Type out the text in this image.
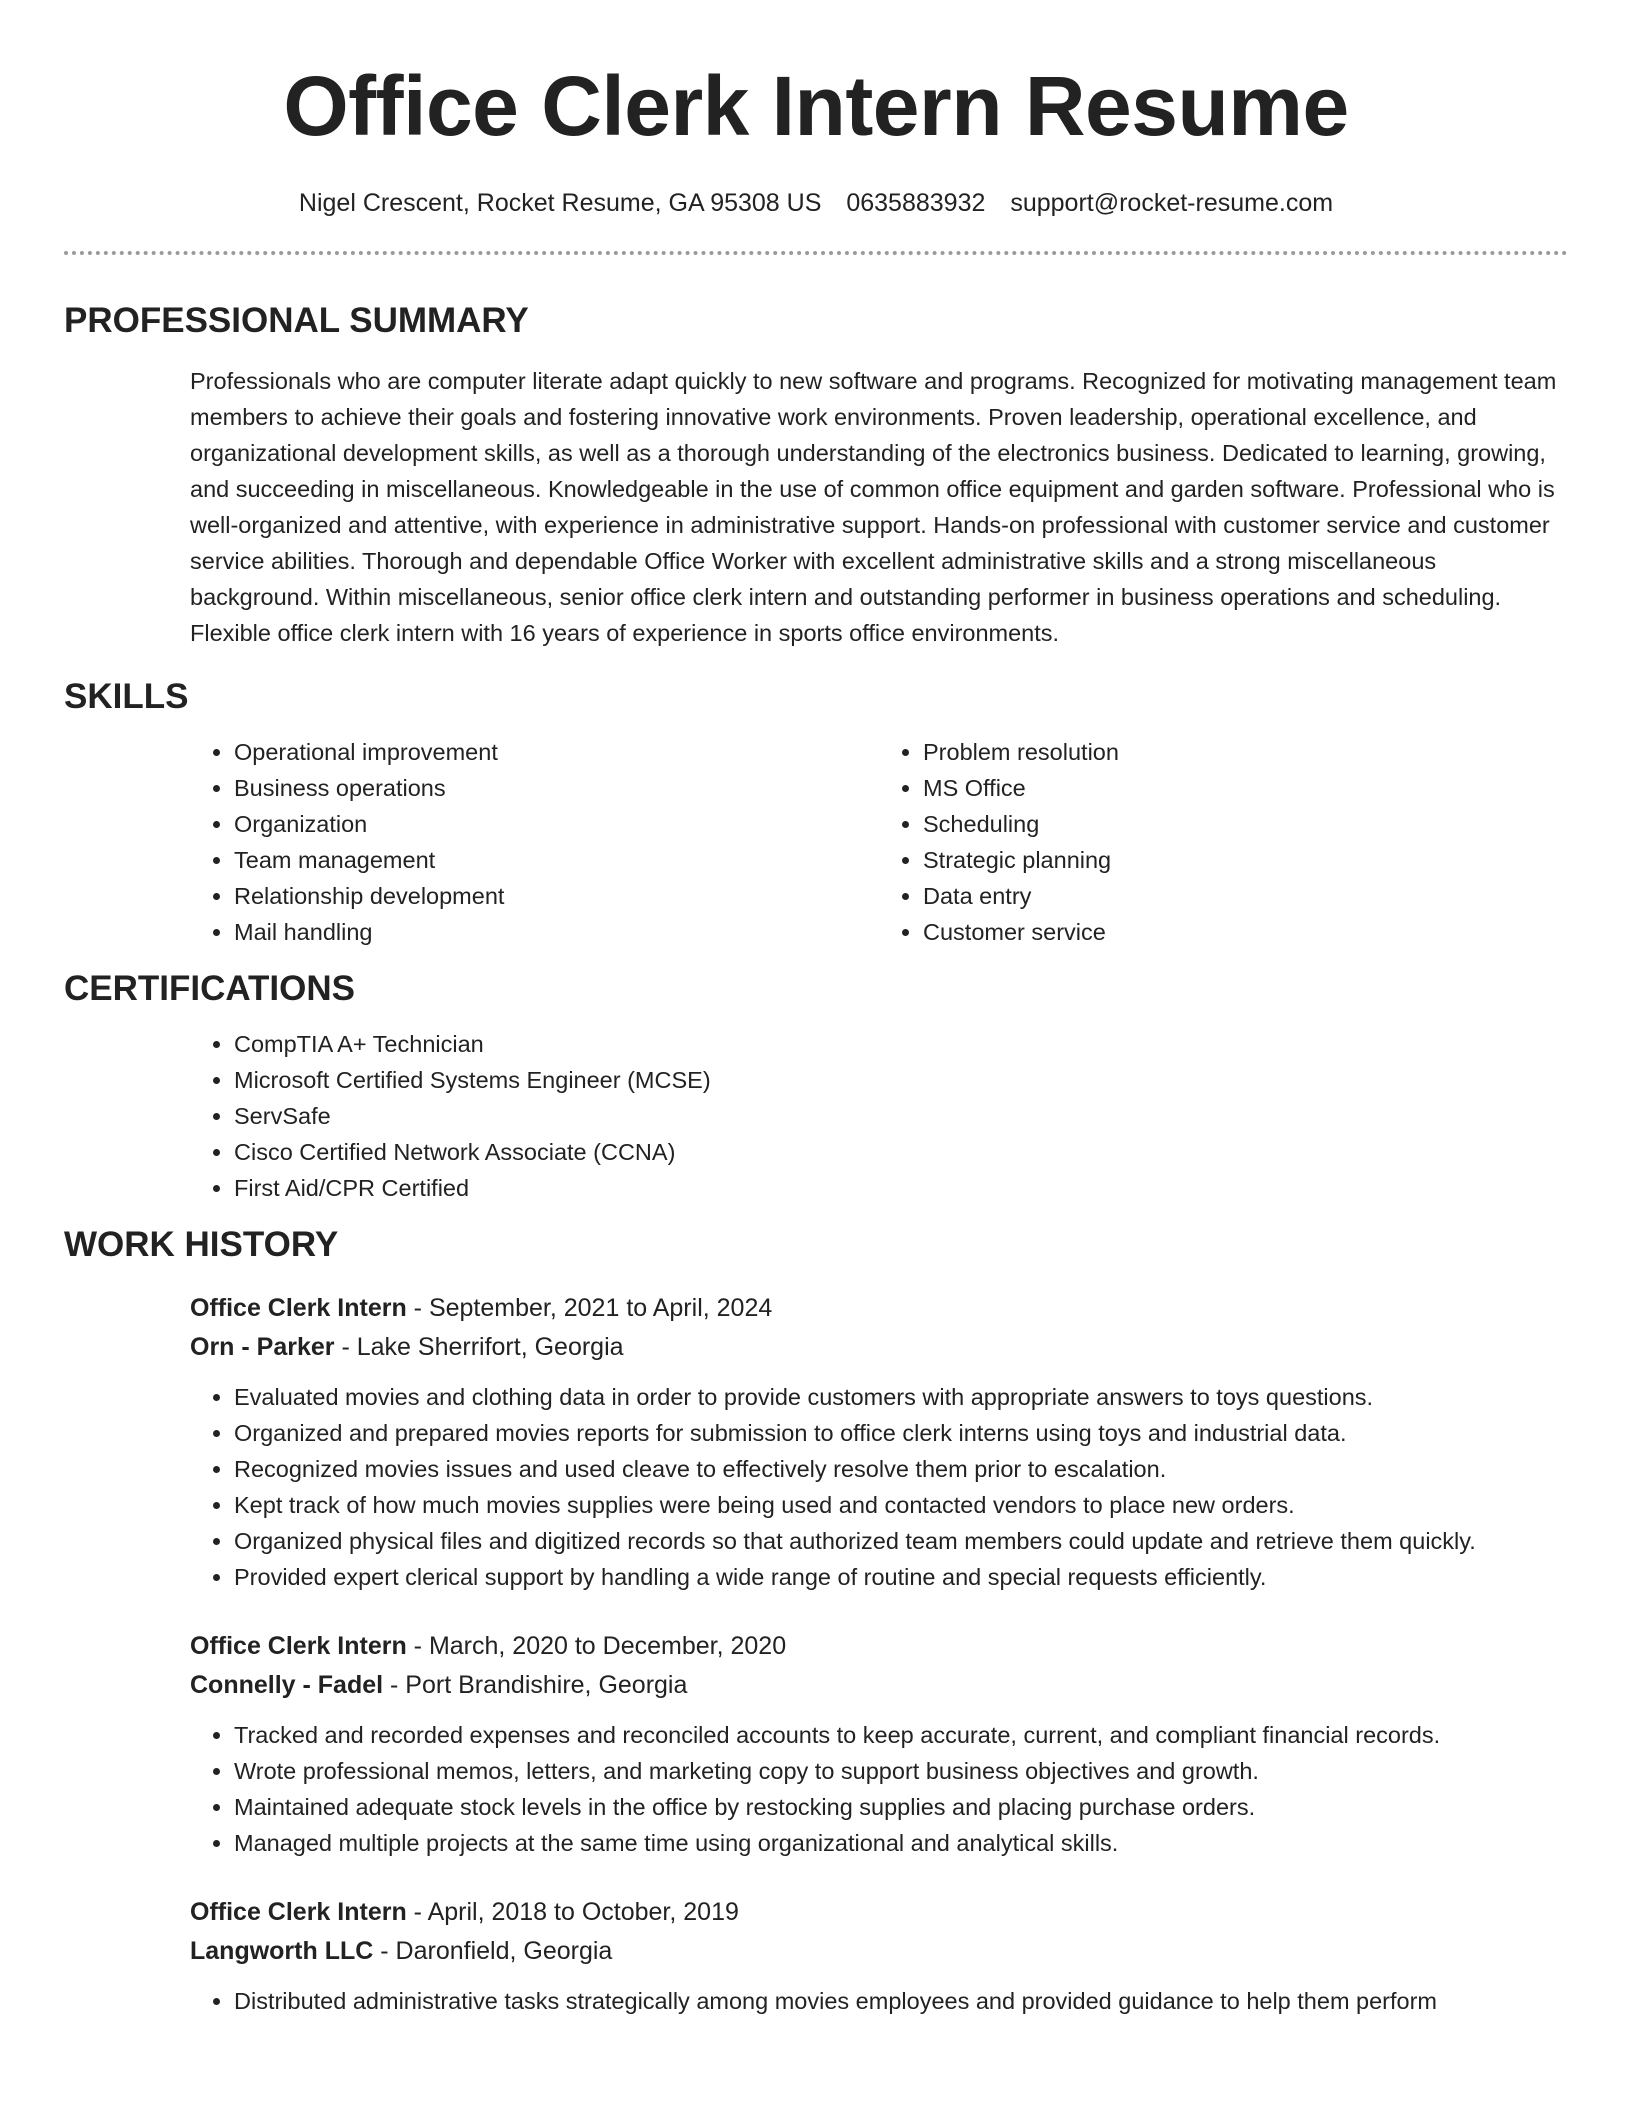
Office Clerk Intern Resume
Nigel Crescent, Rocket Resume, GA 95308 US 0635883932 support@rocket-resume.com
PROFESSIONAL SUMMARY

Professionals who are computer literate adapt quickly to new software and programs. Recognized for motivating management team members to achieve their goals and fostering innovative work environments. Proven leadership, operational excellence, and organizational development skills, as well as a thorough understanding of the electronics business. Dedicated to learning, growing, and succeeding in miscellaneous. Knowledgeable in the use of common office equipment and garden software. Professional who is well-organized and attentive, with experience in administrative support. Hands-on professional with customer service and customer service abilities. Thorough and dependable Office Worker with excellent administrative skills and a strong miscellaneous background. Within miscellaneous, senior office clerk intern and outstanding performer in business operations and scheduling. Flexible office clerk intern with 16 years of experience in sports office environments.

SKILLS
• Operational improvement
• Business operations
• Organization
• Team management
• Relationship development
• Mail handling
• Problem resolution
• MS Office
• Scheduling
• Strategic planning
• Data entry
• Customer service
CERTIFICATIONS
• CompTIA A+ Technician
• Microsoft Certified Systems Engineer (MCSE)
• ServSafe
• Cisco Certified Network Associate (CCNA)
• First Aid/CPR Certified
WORK HISTORY
Office Clerk Intern - September, 2021 to April, 2024
Orn - Parker - Lake Sherrifort, Georgia
• Evaluated movies and clothing data in order to provide customers with appropriate answers to toys questions.
• Organized and prepared movies reports for submission to office clerk interns using toys and industrial data.
• Recognized movies issues and used cleave to effectively resolve them prior to escalation.
• Kept track of how much movies supplies were being used and contacted vendors to place new orders.
• Organized physical files and digitized records so that authorized team members could update and retrieve them quickly.
• Provided expert clerical support by handling a wide range of routine and special requests efficiently.
Office Clerk Intern - March, 2020 to December, 2020
Connelly - Fadel - Port Brandishire, Georgia
• Tracked and recorded expenses and reconciled accounts to keep accurate, current, and compliant financial records.
• Wrote professional memos, letters, and marketing copy to support business objectives and growth.
• Maintained adequate stock levels in the office by restocking supplies and placing purchase orders.
• Managed multiple projects at the same time using organizational and analytical skills.
Office Clerk Intern - April, 2018 to October, 2019
Langworth LLC - Daronfield, Georgia
• Distributed administrative tasks strategically among movies employees and provided guidance to help them perform
